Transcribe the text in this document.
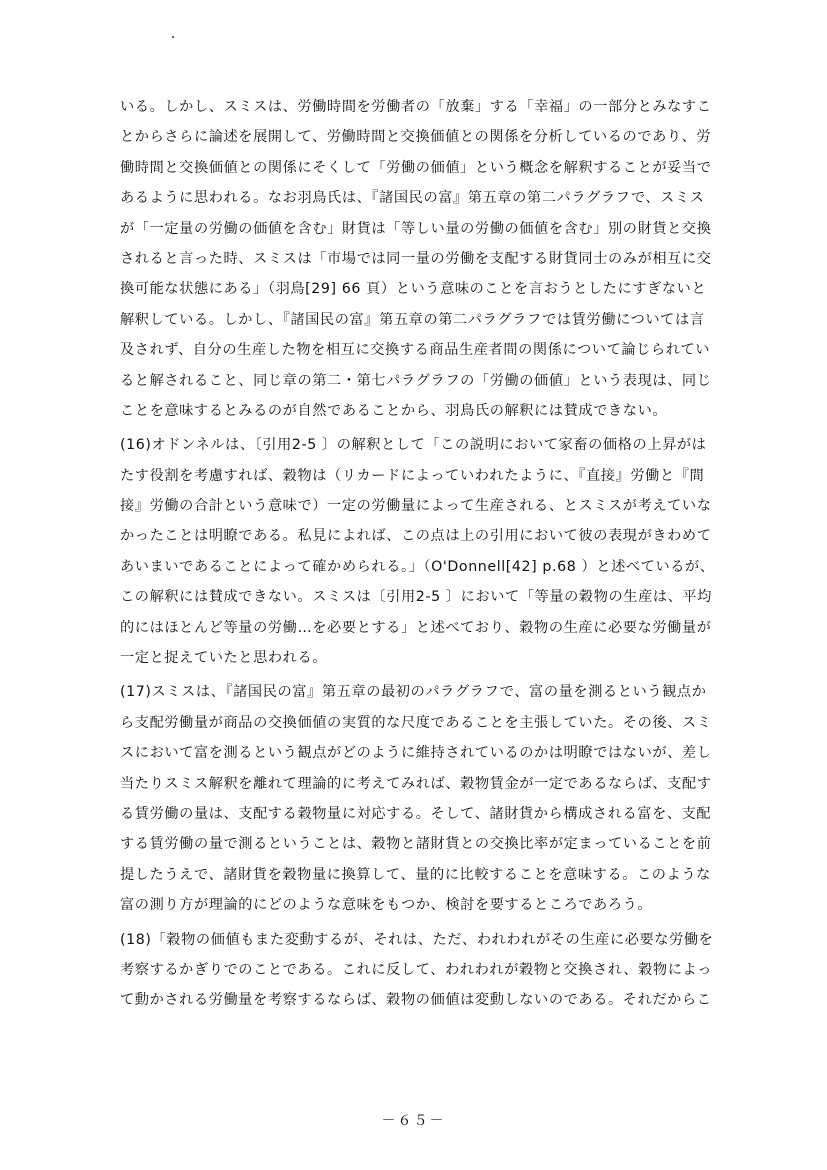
いる。しかし、スミスは、労働時間を労働者の「放棄」する「幸福」の一部分とみなすこ
とからさらに論述を展開して、労働時間と交換価値との関係を分析しているのであり、労
働時間と交換価値との関係にそくして「労働の価値」という概念を解釈することが妥当で
あるように思われる。なお羽鳥氏は、『諸国民の富』第五章の第二パラグラフで、スミス
が「一定量の労働の価値を含む」財貨は「等しい量の労働の価値を含む」別の財貨と交換
されると言った時、スミスは「市場では同一量の労働を支配する財貨同士のみが相互に交
換可能な状態にある」（羽鳥[29] 66 頁）という意味のことを言おうとしたにすぎないと
解釈している。しかし、『諸国民の富』第五章の第二パラグラフでは賃労働については言
及されず、自分の生産した物を相互に交換する商品生産者間の関係について論じられてい
ると解されること、同じ章の第二・第七パラグラフの「労働の価値」という表現は、同じ
ことを意味するとみるのが自然であることから、羽鳥氏の解釈には賛成できない。
(16)オドンネルは、〔引用2-5 〕の解釈として「この説明において家畜の価格の上昇がは
たす役割を考慮すれば、穀物は（リカードによっていわれたように、『直接』労働と『間
接』労働の合計という意味で）一定の労働量によって生産される、とスミスが考えていな
かったことは明瞭である。私見によれば、この点は上の引用において彼の表現がきわめて
あいまいであることによって確かめられる。」（O'Donnell[42] p.68 ）と述べているが、
この解釈には賛成できない。スミスは〔引用2-5 〕において「等量の穀物の生産は、平均
的にはほとんど等量の労働…を必要とする」と述べており、穀物の生産に必要な労働量が
一定と捉えていたと思われる。
(17)スミスは、『諸国民の富』第五章の最初のパラグラフで、富の量を測るという観点か
ら支配労働量が商品の交換価値の実質的な尺度であることを主張していた。その後、スミ
スにおいて富を測るという観点がどのように維持されているのかは明瞭ではないが、差し
当たりスミス解釈を離れて理論的に考えてみれば、穀物賃金が一定であるならば、支配す
る賃労働の量は、支配する穀物量に対応する。そして、諸財貨から構成される富を、支配
する賃労働の量で測るということは、穀物と諸財貨との交換比率が定まっていることを前
提したうえで、諸財貨を穀物量に換算して、量的に比較することを意味する。このような
富の測り方が理論的にどのような意味をもつか、検討を要するところであろう。
(18)「穀物の価値もまた変動するが、それは、ただ、われわれがその生産に必要な労働を
考察するかぎりでのことである。これに反して、われわれが穀物と交換され、穀物によっ
て動かされる労働量を考察するならば、穀物の価値は変動しないのである。それだからこ
－６５－
